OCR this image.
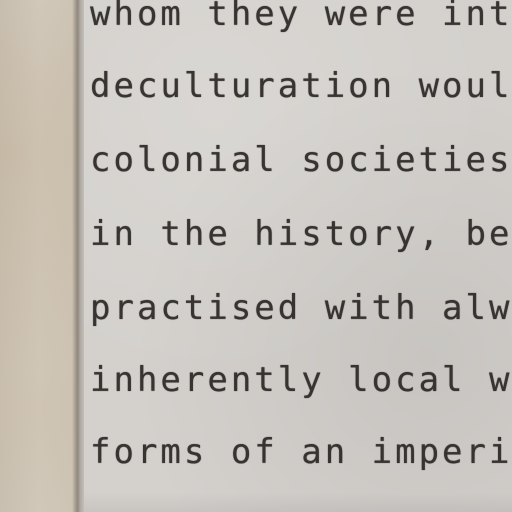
whom they were int
deculturation woul
colonial societies
in the history, be
practised with alw
inherently local w
forms of an imperi
